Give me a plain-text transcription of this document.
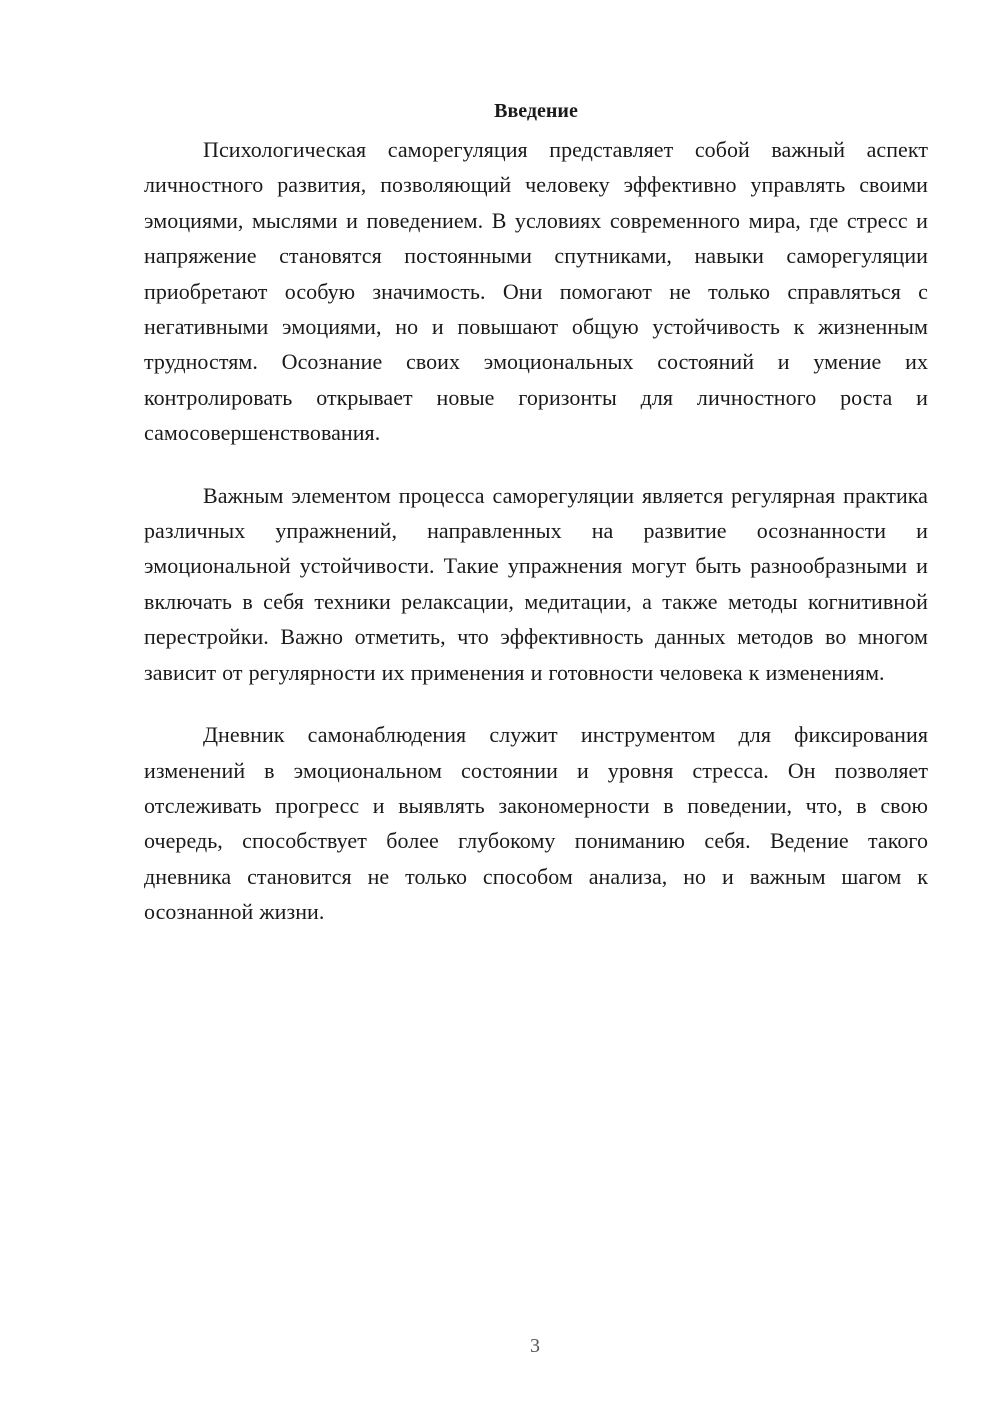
Введение

Психологическая саморегуляция представляет собой важный аспект личностного развития, позволяющий человеку эффективно управлять своими эмоциями, мыслями и поведением. В условиях современного мира, где стресс и напряжение становятся постоянными спутниками, навыки саморегуляции приобретают особую значимость. Они помогают не только справляться с негативными эмоциями, но и повышают общую устойчивость к жизненным трудностям. Осознание своих эмоциональных состояний и умение их контролировать открывает новые горизонты для личностного роста и самосовершенствования.

Важным элементом процесса саморегуляции является регулярная практика различных упражнений, направленных на развитие осознанности и эмоциональной устойчивости. Такие упражнения могут быть разнообразными и включать в себя техники релаксации, медитации, а также методы когнитивной перестройки. Важно отметить, что эффективность данных методов во многом зависит от регулярности их применения и готовности человека к изменениям.

Дневник самонаблюдения служит инструментом для фиксирования изменений в эмоциональном состоянии и уровня стресса. Он позволяет отслеживать прогресс и выявлять закономерности в поведении, что, в свою очередь, способствует более глубокому пониманию себя. Ведение такого дневника становится не только способом анализа, но и важным шагом к осознанной жизни.

3
